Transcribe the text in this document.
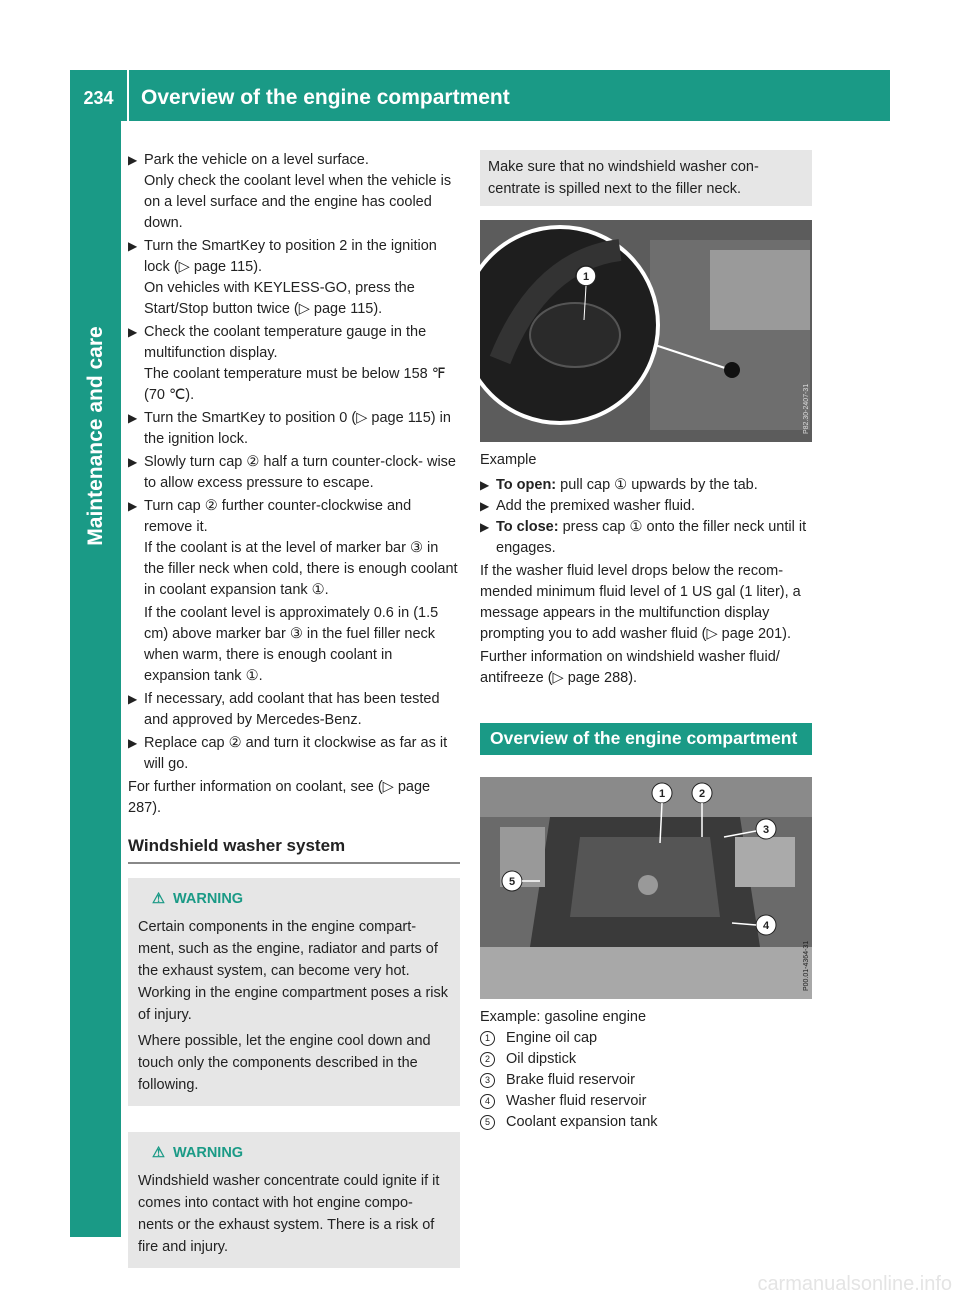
234	Overview of the engine compartment
Maintenance and care
▶ Park the vehicle on a level surface.

Only check the coolant level when the vehicle is on a level surface and the engine has cooled down.

▶ Turn the SmartKey to position 2 in the ignition lock (▷ page 115).

On vehicles with KEYLESS-GO, press the Start/Stop button twice (▷ page 115).

▶ Check the coolant temperature gauge in the multifunction display.

The coolant temperature must be below 158 ℉ (70 ℃).

▶ Turn the SmartKey to position 0 (▷ page 115) in the ignition lock.
▶ Slowly turn cap ② half a turn counter-clock- wise to allow excess pressure to escape.
▶ Turn cap ② further counter-clockwise and remove it.

If the coolant is at the level of marker bar ③ in the filler neck when cold, there is enough coolant in coolant expansion tank ①.

If the coolant level is approximately 0.6 in (1.5 cm) above marker bar ③ in the fuel filler neck when warm, there is enough coolant in expansion tank ①.

▶ If necessary, add coolant that has been tested and approved by Mercedes-Benz.
▶ Replace cap ② and turn it clockwise as far as it will go.

For further information on coolant, see (▷ page 287).

Windshield washer system
⚠ WARNING

Certain components in the engine compart- ment, such as the engine, radiator and parts of the exhaust system, can become very hot. Working in the engine compartment poses a risk of injury.

Where possible, let the engine cool down and touch only the components described in the following.

⚠ WARNING

Windshield washer concentrate could ignite if it comes into contact with hot engine compo- nents or the exhaust system. There is a risk of fire and injury.

Make sure that no windshield washer con- centrate is spilled next to the filler neck.
1
P82.30-2407-31

Example

▶ To open: pull cap ① upwards by the tab.
▶ Add the premixed washer fluid.
▶ To close: press cap ① onto the filler neck until it engages.

If the washer fluid level drops below the recom- mended minimum fluid level of 1 US gal (1 liter), a message appears in the multifunction display prompting you to add washer fluid (▷ page 201).

Further information on windshield washer fluid/ antifreeze (▷ page 288).

Overview of the engine compartment
1	2
3
4
5
P00.01-4364-31

Example: gasoline engine

1	Engine oil cap
2	Oil dipstick
3	Brake fluid reservoir
4	Washer fluid reservoir
5	Coolant expansion tank
carmanualsonline.info
